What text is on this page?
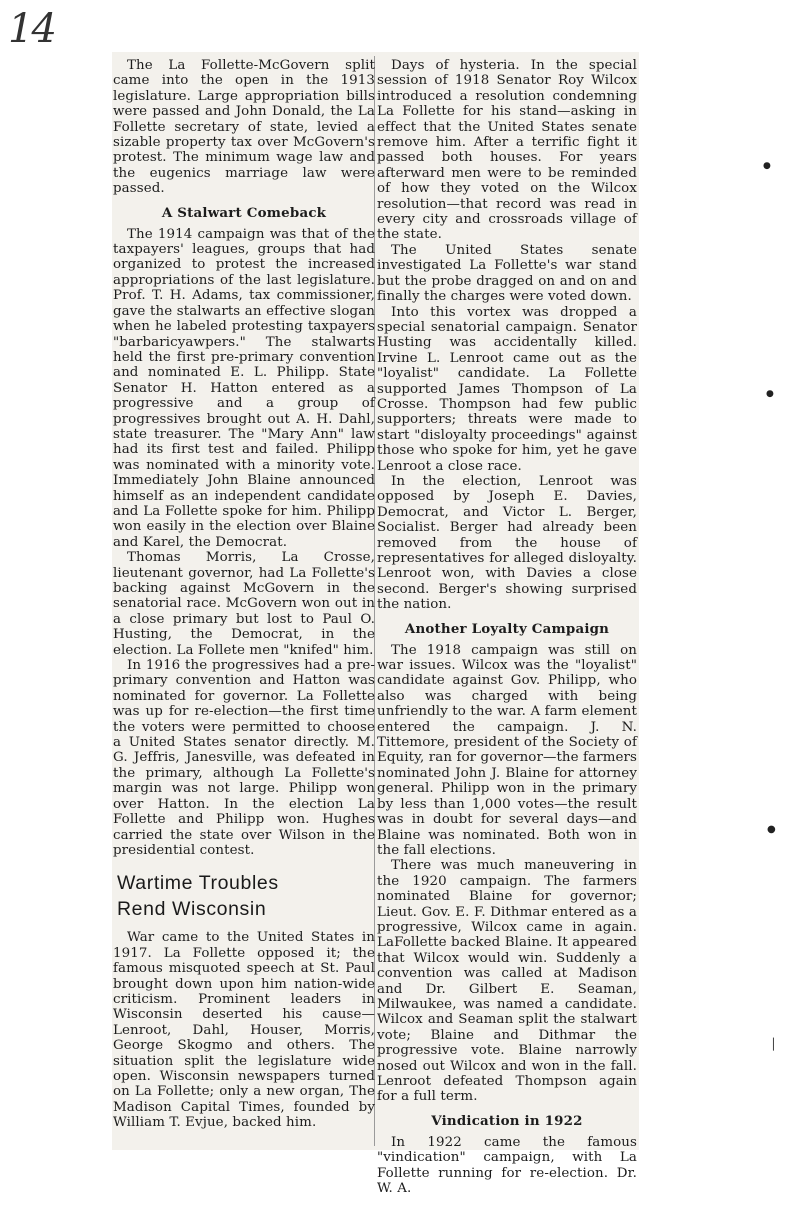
14

The La Follette-McGovern split came into the open in the 1913 legislature. Large appropriation bills were passed and John Donald, the La Follette secretary of state, levied a sizable property tax over McGovern's protest. The minimum wage law and the eugenics marriage law were passed.

A Stalwart Comeback

The 1914 campaign was that of the taxpayers' leagues, groups that had organized to protest the increased appropriations of the last legislature. Prof. T. H. Adams, tax commissioner, gave the stalwarts an effective slogan when he labeled protesting taxpayers "barbaricyawpers." The stalwarts held the first pre-primary convention and nominated E. L. Philipp. State Senator H. Hatton entered as a progressive and a group of progressives brought out A. H. Dahl, state treasurer. The "Mary Ann" law had its first test and failed. Philipp was nominated with a minority vote. Immediately John Blaine announced himself as an independent candidate and La Follette spoke for him. Philipp won easily in the election over Blaine and Karel, the Democrat.

Thomas Morris, La Crosse, lieutenant governor, had La Follette's backing against McGovern in the senatorial race. McGovern won out in a close primary but lost to Paul O. Husting, the Democrat, in the election. La Follete men "knifed" him.

In 1916 the progressives had a pre-primary convention and Hatton was nominated for governor. La Follette was up for re-election—the first time the voters were permitted to choose a United States senator directly. M. G. Jeffris, Janesville, was defeated in the primary, although La Follette's margin was not large. Philipp won over Hatton. In the election La Follette and Philipp won. Hughes carried the state over Wilson in the presidential contest.

Wartime Troubles
Rend Wisconsin

War came to the United States in 1917. La Follette opposed it; the famous misquoted speech at St. Paul brought down upon him nation-wide criticism. Prominent leaders in Wisconsin deserted his cause—Lenroot, Dahl, Houser, Morris, George Skogmo and others. The situation split the legislature wide open. Wisconsin newspapers turned on La Follette; only a new organ, The Madison Capital Times, founded by William T. Evjue, backed him.

Days of hysteria. In the special session of 1918 Senator Roy Wilcox introduced a resolution condemning La Follette for his stand—asking in effect that the United States senate remove him. After a terrific fight it passed both houses. For years afterward men were to be reminded of how they voted on the Wilcox resolution—that record was read in every city and crossroads village of the state.

The United States senate investigated La Follette's war stand but the probe dragged on and on and finally the charges were voted down.

Into this vortex was dropped a special senatorial campaign. Senator Husting was accidentally killed. Irvine L. Lenroot came out as the "loyalist" candidate. La Follette supported James Thompson of La Crosse. Thompson had few public supporters; threats were made to start "disloyalty proceedings" against those who spoke for him, yet he gave Lenroot a close race.

In the election, Lenroot was opposed by Joseph E. Davies, Democrat, and Victor L. Berger, Socialist. Berger had already been removed from the house of representatives for alleged disloyalty. Lenroot won, with Davies a close second. Berger's showing surprised the nation.

Another Loyalty Campaign

The 1918 campaign was still on war issues. Wilcox was the "loyalist" candidate against Gov. Philipp, who also was charged with being unfriendly to the war. A farm element entered the campaign. J. N. Tittemore, president of the Society of Equity, ran for governor—the farmers nominated John J. Blaine for attorney general. Philipp won in the primary by less than 1,000 votes—the result was in doubt for several days—and Blaine was nominated. Both won in the fall elections.

There was much maneuvering in the 1920 campaign. The farmers nominated Blaine for governor; Lieut. Gov. E. F. Dithmar entered as a progressive, Wilcox came in again. LaFollette backed Blaine. It appeared that Wilcox would win. Suddenly a convention was called at Madison and Dr. Gilbert E. Seaman, Milwaukee, was named a candidate. Wilcox and Seaman split the stalwart vote; Blaine and Dithmar the progressive vote. Blaine narrowly nosed out Wilcox and won in the fall. Lenroot defeated Thompson again for a full term.

Vindication in 1922

In 1922 came the famous "vindication" campaign, with La Follette running for re-election. Dr. W. A.

●
●
●
│
